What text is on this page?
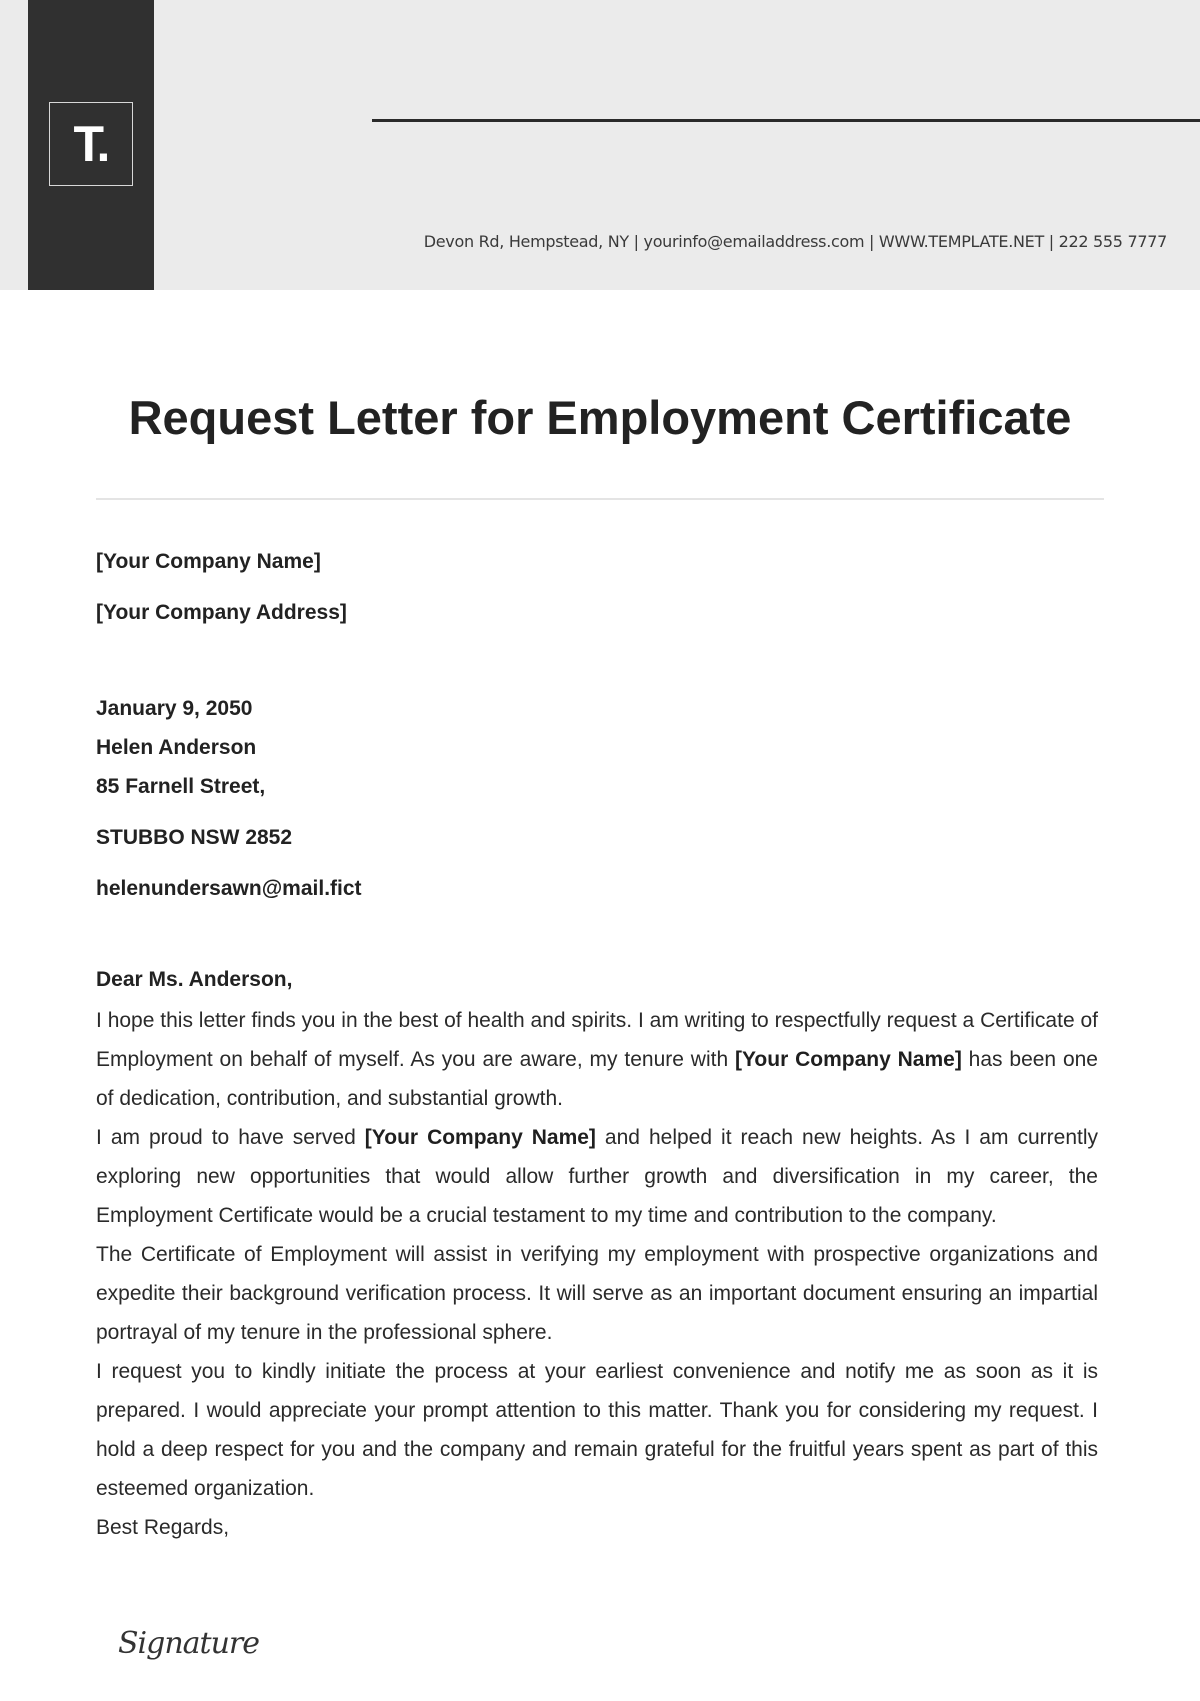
T.
Devon Rd, Hempstead, NY | yourinfo@emailaddress.com | WWW.TEMPLATE.NET | 222 555 7777
Request Letter for Employment Certificate
[Your Company Name]
[Your Company Address]
January 9, 2050
Helen Anderson
85 Farnell Street,
STUBBO NSW 2852
helenundersawn@mail.fict
Dear Ms. Anderson,

I hope this letter finds you in the best of health and spirits. I am writing to respectfully request a Certificate of Employment on behalf of myself. As you are aware, my tenure with [Your Company Name] has been one of dedication, contribution, and substantial growth.

I am proud to have served [Your Company Name] and helped it reach new heights. As I am currently exploring new opportunities that would allow further growth and diversification in my career, the Employment Certificate would be a crucial testament to my time and contribution to the company.

The Certificate of Employment will assist in verifying my employment with prospective organizations and expedite their background verification process. It will serve as an important document ensuring an impartial portrayal of my tenure in the professional sphere.

I request you to kindly initiate the process at your earliest convenience and notify me as soon as it is prepared. I would appreciate your prompt attention to this matter. Thank you for considering my request. I hold a deep respect for you and the company and remain grateful for the fruitful years spent as part of this esteemed organization.

Best Regards,

Signature
